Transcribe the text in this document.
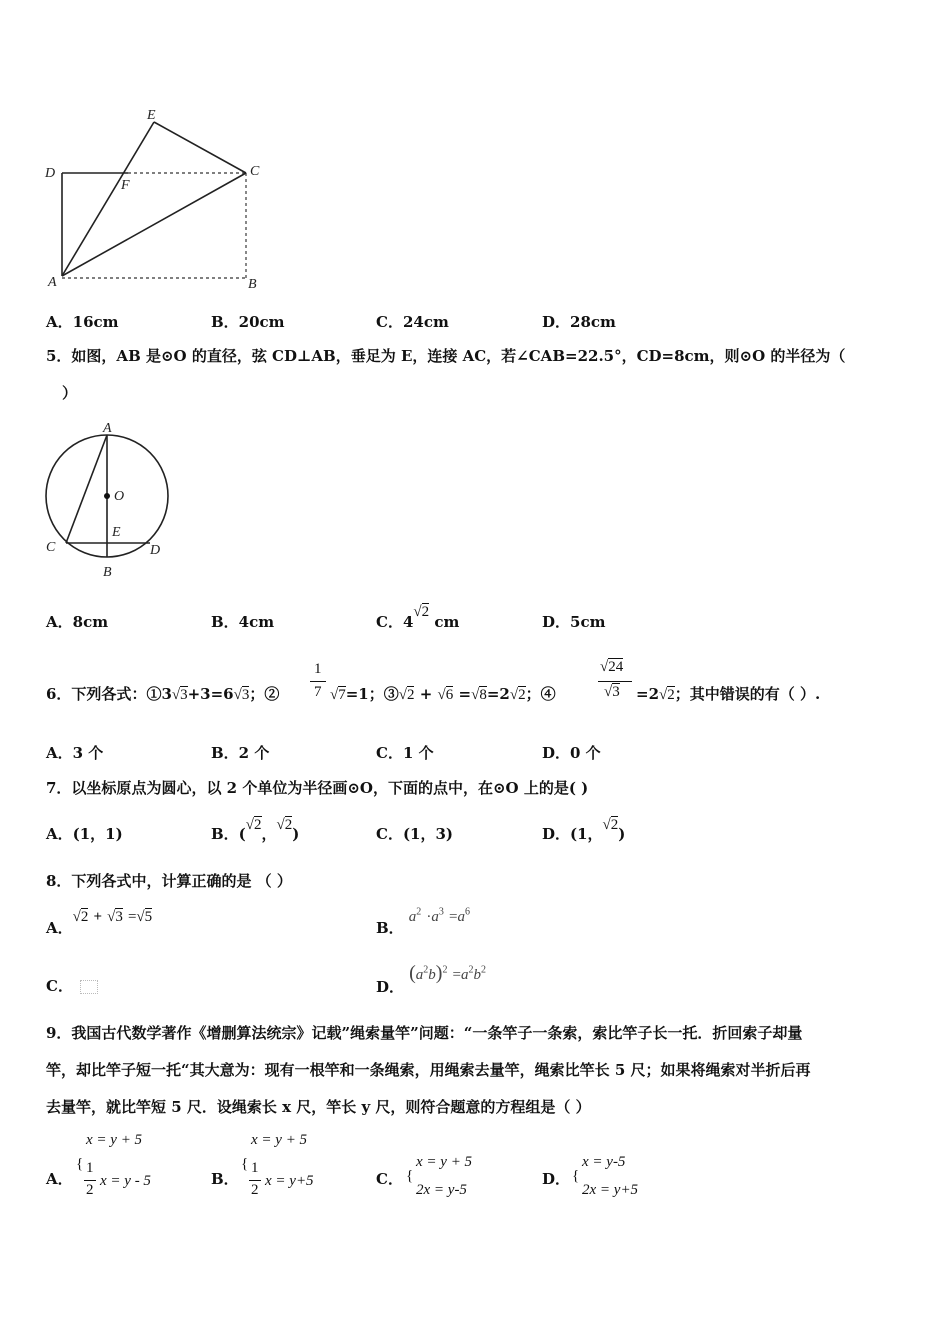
E
D
F
C
A	B
A．16cm	B．20cm	C．24cm	D．28cm
5．如图，AB 是⊙O 的直径，弦 CD⊥AB，垂足为 E，连接 AC，若∠CAB=22.5°，CD=8cm，则⊙O 的半径为（
）
A
O
E
C	D
B
A．8cm	B．4cm	C．4√2 cm	D．5cm
6．下列各式：①3√3+3=6√3；②
1
7 √7=1；③√2 + √6 =√8=2√2；④
√24
√3 =2√2；其中错误的有（ ）.
A．3 个	B．2 个	C．1 个	D．0 个
7．以坐标原点为圆心，以 2 个单位为半径画⊙O，下面的点中，在⊙O 上的是( )
A．(1，1)	B．(√2，√2)	C．(1，3)	D．(1，√2)
8．下列各式中，计算正确的是 （ ）
A．√2 + √3 =√5
B． $a^2 \cdot a^3 =a^6$
C．	D． $(a^2b)^2 =a^2b^2$
9．我国古代数学著作《增删算法统宗》记载”绳索量竿”问题：“一条竿子一条索，索比竿子长一托．折回索子却量
竿，却比竿子短一托“其大意为：现有一根竿和一条绳索，用绳索去量竿，绳索比竿长 5 尺；如果将绳索对半折后再
去量竿，就比竿短 5 尺．设绳索长 x 尺，竿长 y 尺，则符合题意的方程组是（ ）
A．
x = y + 5
{ 1
2
x = y - 5	B．
x = y + 5
{ 1
2
x = y+5	C． {
x = y + 5
2x = y-5
D． {
x = y-5
2x = y+5
